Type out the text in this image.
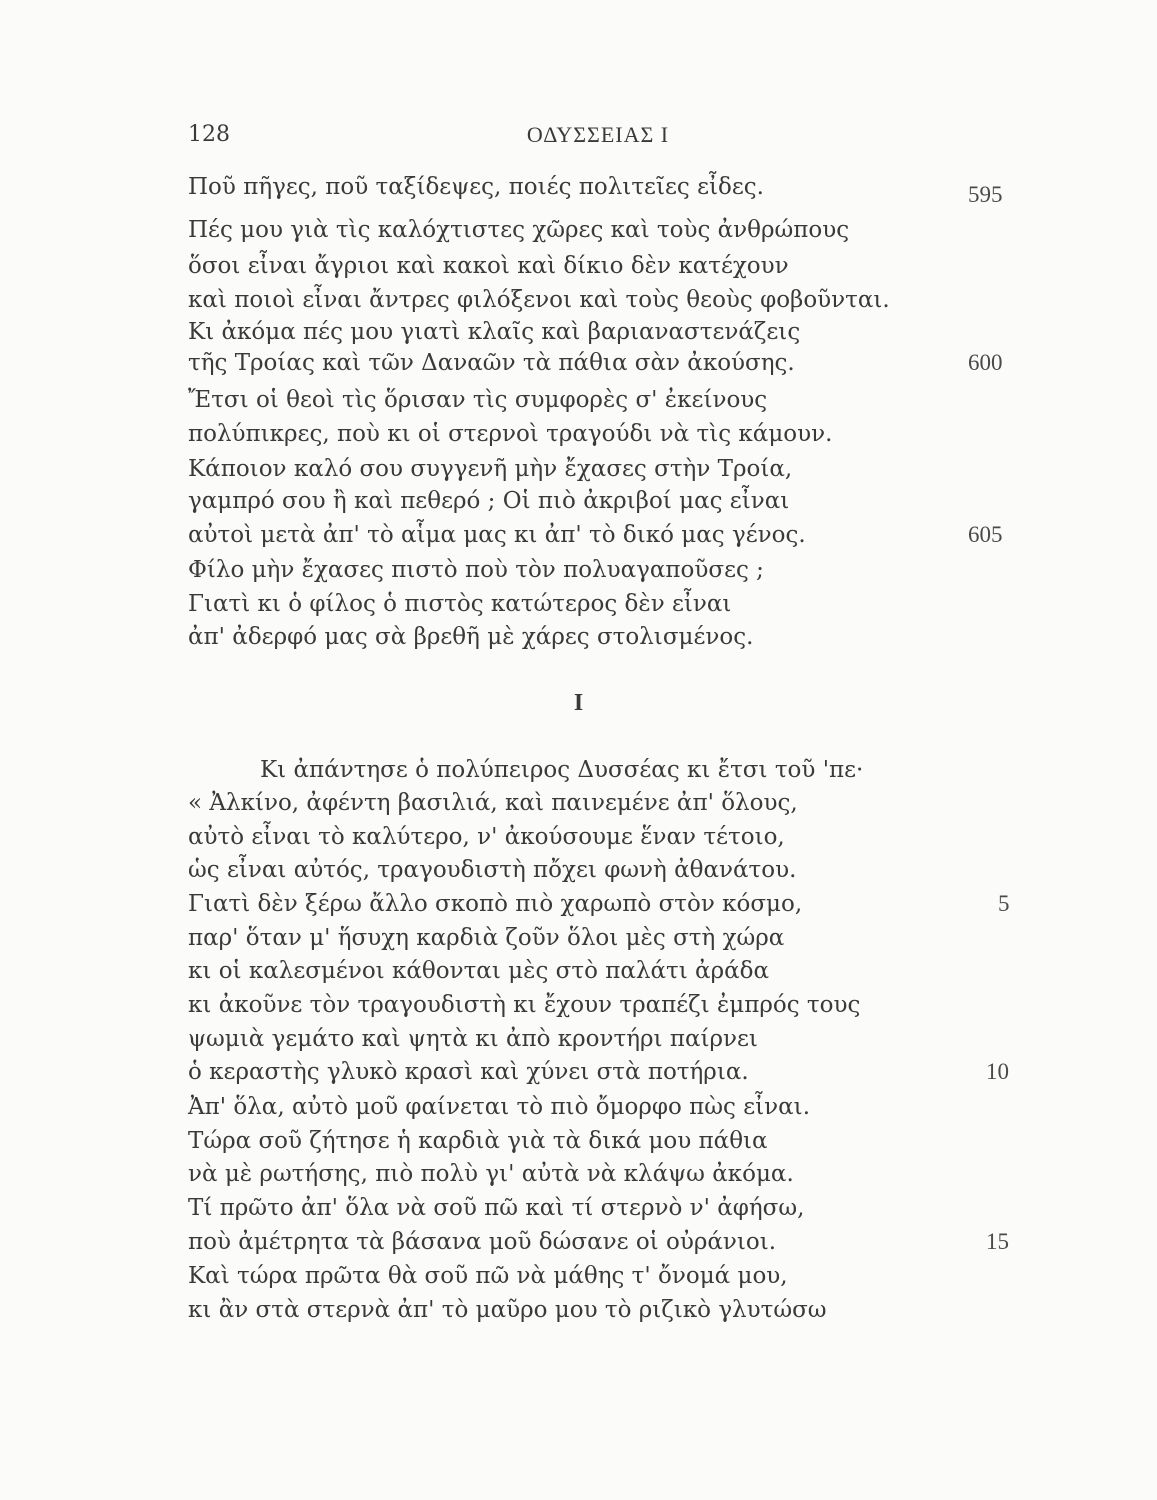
128	ΟΔΥΣΣΕΙΑΣ Ι
Ποῦ πῆγες, ποῦ ταξίδεψες, ποιές πολιτεῖες εἶδες.
Πές μου γιὰ τὶς καλόχτιστες χῶρες καὶ τοὺς ἀνθρώπους
ὅσοι εἶναι ἄγριοι καὶ κακοὶ καὶ δίκιο δὲν κατέχουν
καὶ ποιοὶ εἶναι ἄντρες φιλόξενοι καὶ τοὺς θεοὺς φοβοῦνται.
Κι ἀκόμα πές μου γιατὶ κλαῖς καὶ βαριαναστενάζεις
τῆς Τροίας καὶ τῶν Δαναῶν τὰ πάθια σὰν ἀκούσης.
Ἔτσι οἱ θεοὶ τὶς ὅρισαν τὶς συμφορὲς σ' ἐκείνους
πολύπικρες, ποὺ κι οἱ στερνοὶ τραγούδι νὰ τὶς κάμουν.
Κάποιον καλό σου συγγενῆ μὴν ἔχασες στὴν Τροία,
γαμπρό σου ἢ καὶ πεθερό ; Οἱ πιὸ ἀκριβοί μας εἶναι
αὐτοὶ μετὰ ἀπ' τὸ αἷμα μας κι ἀπ' τὸ δικό μας γένος.
Φίλο μὴν ἔχασες πιστὸ ποὺ τὸν πολυαγαποῦσες ;
Γιατὶ κι ὁ φίλος ὁ πιστὸς κατώτερος δὲν εἶναι
ἀπ' ἀδερφό μας σὰ βρεθῆ μὲ χάρες στολισμένος.
595
600
605
I
Κι ἀπάντησε ὁ πολύπειρος Δυσσέας κι ἔτσι τοῦ 'πε·
« Ἀλκίνο, ἀφέντη βασιλιά, καὶ παινεμένε ἀπ' ὅλους,
αὐτὸ εἶναι τὸ καλύτερο, ν' ἀκούσουμε ἕναν τέτοιο,
ὡς εἶναι αὐτός, τραγουδιστὴ πὄχει φωνὴ ἀθανάτου.
Γιατὶ δὲν ξέρω ἄλλο σκοπὸ πιὸ χαρωπὸ στὸν κόσμο,
παρ' ὅταν μ' ἥσυχη καρδιὰ ζοῦν ὅλοι μὲς στὴ χώρα
κι οἱ καλεσμένοι κάθονται μὲς στὸ παλάτι ἀράδα
κι ἀκοῦνε τὸν τραγουδιστὴ κι ἔχουν τραπέζι ἐμπρός τους
ψωμιὰ γεμάτο καὶ ψητὰ κι ἀπὸ κροντήρι παίρνει
ὁ κεραστὴς γλυκὸ κρασὶ καὶ χύνει στὰ ποτήρια.
Ἀπ' ὅλα, αὐτὸ μοῦ φαίνεται τὸ πιὸ ὄμορφο πὼς εἶναι.
Τώρα σοῦ ζήτησε ἡ καρδιὰ γιὰ τὰ δικά μου πάθια
νὰ μὲ ρωτήσης, πιὸ πολὺ γι' αὐτὰ νὰ κλάψω ἀκόμα.
Τί πρῶτο ἀπ' ὅλα νὰ σοῦ πῶ καὶ τί στερνὸ ν' ἀφήσω,
ποὺ ἀμέτρητα τὰ βάσανα μοῦ δώσανε οἱ οὐράνιοι.
Καὶ τώρα πρῶτα θὰ σοῦ πῶ νὰ μάθης τ' ὄνομά μου,
κι ἂν στὰ στερνὰ ἀπ' τὸ μαῦρο μου τὸ ριζικὸ γλυτώσω
5
10
15
